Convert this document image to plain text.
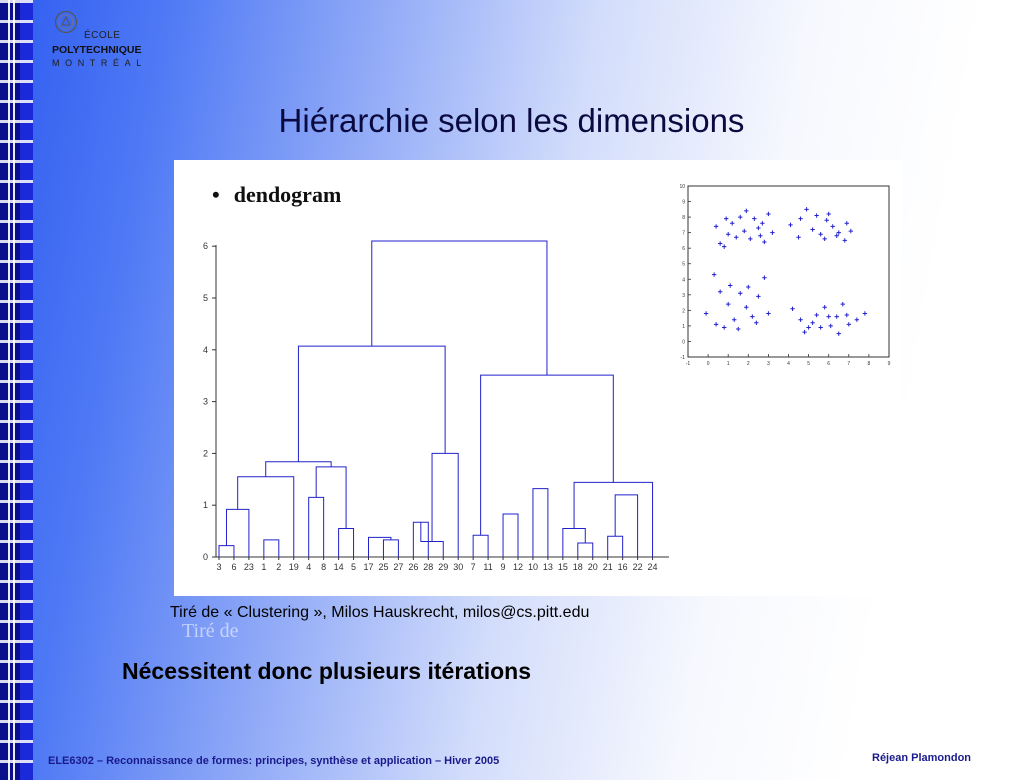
ÉCOLE
POLYTECHNIQUE
MONTRÉAL
Hiérarchie selon les dimensions
• dendogram
0
1
2
3
4
5
6
3 6 23 1 2 19 4 8 14 5 17 25 27 26 28 29 30 7 11 9 12 10 13 15 18 20 21 16 22 24
-1	0	1	2	3	4	5	6	7	8	9
-1
0
1
2
3
4
5
6
7
8
9
10
Tiré de « Clustering », Milos Hauskrecht, milos@cs.pitt.edu
Tiré de
Nécessitent donc plusieurs itérations
ELE6302 – Reconnaissance de formes: principes, synthèse et application – Hiver 2005	Réjean Plamondon
